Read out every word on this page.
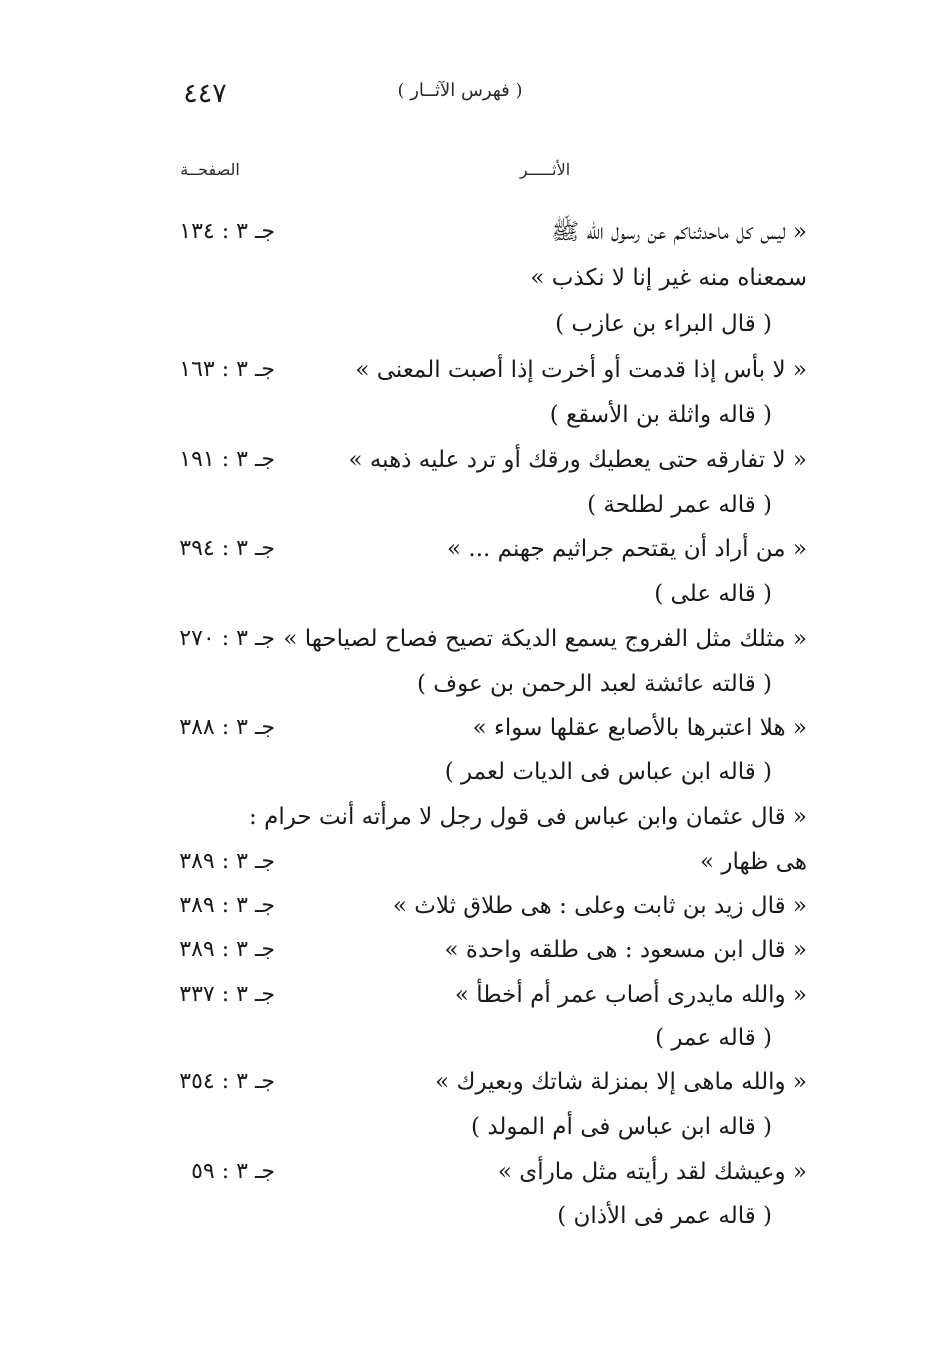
٤٤٧	( فهرس الآثــار )
الأثـــــر
الصفحــة
« ليس كل ماحدثناكم عن رسول الله ﷺ
جـ ٣ : ١٣٤
سمعناه منه غير إنا لا نكذب »
( قال البراء بن عازب )
« لا بأس إذا قدمت أو أخرت إذا أصبت المعنى »
جـ ٣ : ١٦٣
( قاله واثلة بن الأسقع )
« لا تفارقه حتى يعطيك ورقك أو ترد عليه ذهبه »
جـ ٣ : ١٩١
( قاله عمر لطلحة )
« من أراد أن يقتحم جراثيم جهنم ... »
جـ ٣ : ٣٩٤
( قاله على )
« مثلك مثل الفروج يسمع الديكة تصيح فصاح لصياحها »
جـ ٣ : ٢٧٠
( قالته عائشة لعبد الرحمن بن عوف )
« هلا اعتبرها بالأصابع عقلها سواء »
جـ ٣ : ٣٨٨
( قاله ابن عباس فى الديات لعمر )
« قال عثمان وابن عباس فى قول رجل لا مرأته أنت حرام :
هى ظهار »
جـ ٣ : ٣٨٩
« قال زيد بن ثابت وعلى : هى طلاق ثلاث »
جـ ٣ : ٣٨٩
« قال ابن مسعود : هى طلقه واحدة »
جـ ٣ : ٣٨٩
« والله مايدرى أصاب عمر أم أخطأ »
جـ ٣ : ٣٣٧
( قاله عمر )
« والله ماهى إلا بمنزلة شاتك وبعيرك »
جـ ٣ : ٣٥٤
( قاله ابن عباس فى أم المولد )
« وعيشك لقد رأيته مثل مارأى »
جـ ٣ : ٥٩
( قاله عمر فى الأذان )
